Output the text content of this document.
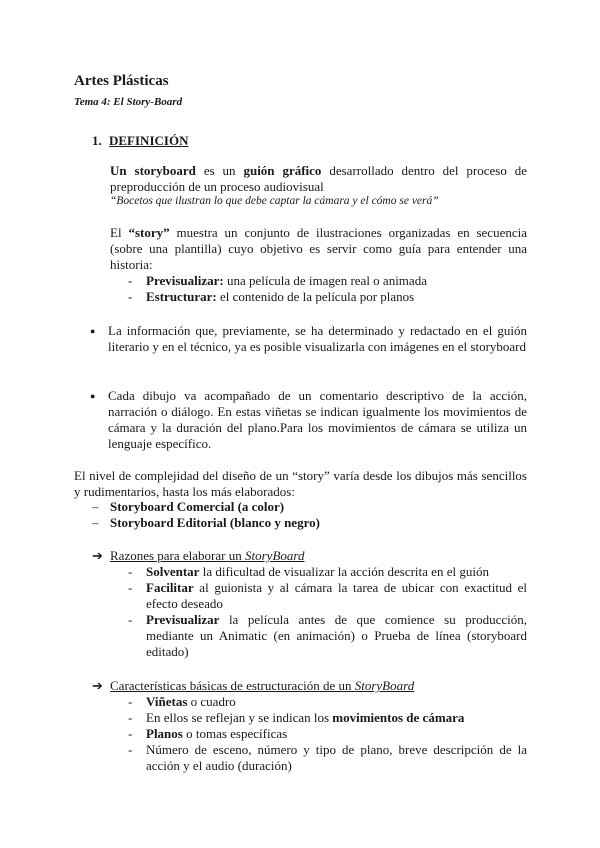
Artes Plásticas
Tema 4: El Story-Board
1. DEFINICIÓN
Un storyboard es un guión gráfico desarrollado dentro del proceso de preproducción de un proceso audiovisual
“Bocetos que ilustran lo que debe captar la cámara y el cómo se verá”
El “story” muestra un conjunto de ilustraciones organizadas en secuencia (sobre una plantilla) cuyo objetivo es servir como guía para entender una historia:
-	Previsualizar: una película de imagen real o animada
-	Estructurar: el contenido de la película por planos
● La información que, previamente, se ha determinado y redactado en el guión literario y en el técnico, ya es posible visualizarla con imágenes en el storyboard
● Cada dibujo va acompañado de un comentario descriptivo de la acción, narración o diálogo. En estas viñetas se indican igualmente los movimientos de cámara y la duración del plano.Para los movimientos de cámara se utiliza un lenguaje específico.
El nivel de complejidad del diseño de un “story” varía desde los dibujos más sencillos y rudimentarios, hasta los más elaborados:
– Storyboard Comercial (a color)
– Storyboard Editorial (blanco y negro)
➔ Razones para elaborar un StoryBoard
-	Solventar la dificultad de visualizar la acción descrita en el guión
-	Facilitar al guionista y al cámara la tarea de ubicar con exactitud el efecto deseado
-	Previsualizar la película antes de que comience su producción, mediante un Animatic (en animación) o Prueba de línea (storyboard editado)
➔ Características básicas de estructuración de un StoryBoard
-	Viñetas o cuadro
-	En ellos se reflejan y se indican los movimientos de cámara
-	Planos o tomas específicas
-	Número de esceno, número y tipo de plano, breve descripción de la acción y el audio (duración)
